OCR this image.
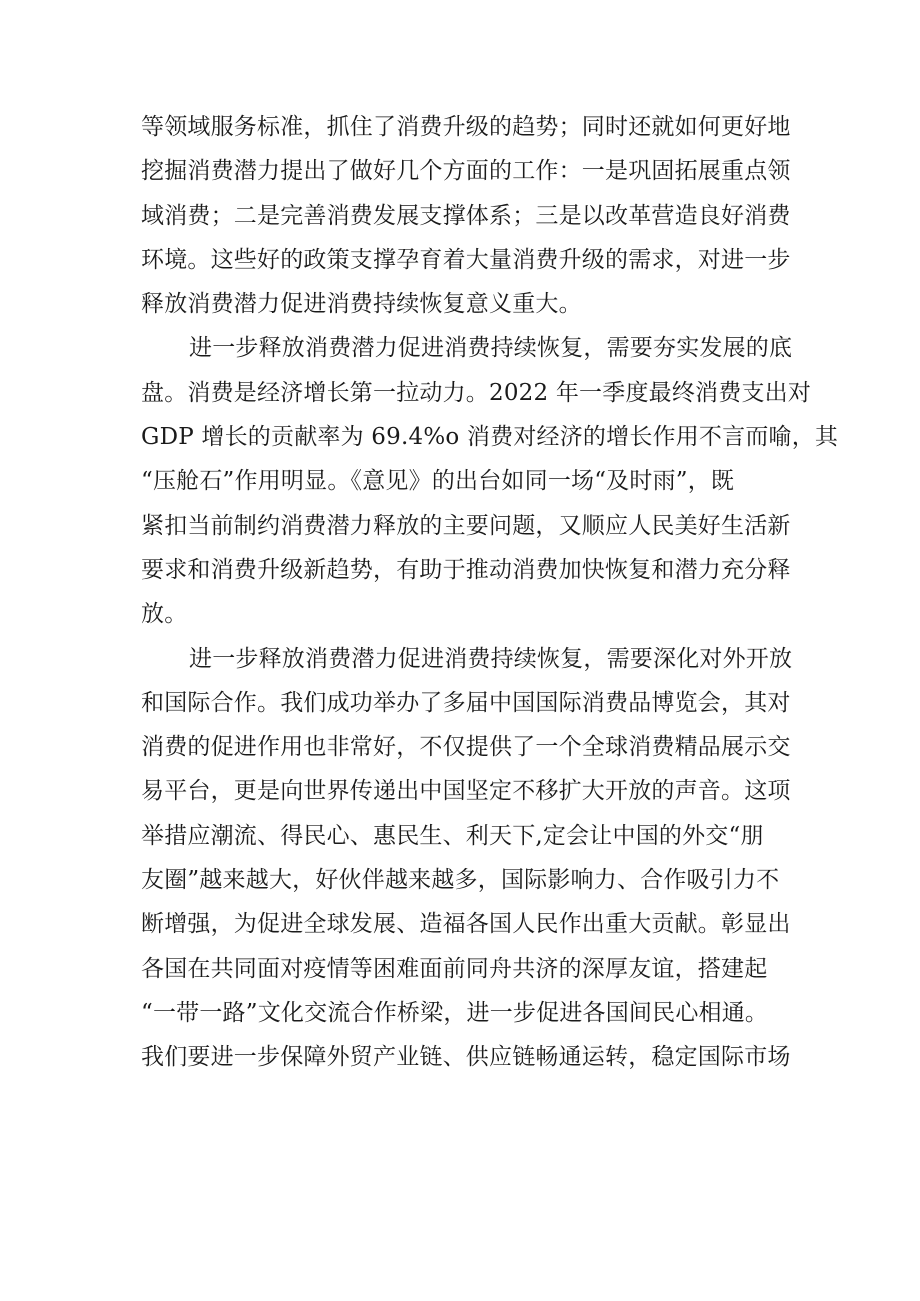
等领域服务标准，抓住了消费升级的趋势；同时还就如何更好地
挖掘消费潜力提出了做好几个方面的工作：一是巩固拓展重点领
域消费；二是完善消费发展支撑体系；三是以改革营造良好消费
环境。这些好的政策支撑孕育着大量消费升级的需求，对进一步
释放消费潜力促进消费持续恢复意义重大。
进一步释放消费潜力促进消费持续恢复，需要夯实发展的底
盘。消费是经济增长第一拉动力。2022 年一季度最终消费支出对
GDP 增长的贡献率为 69.4%o 消费对经济的增长作用不言而喻，其
“压舱石”作用明显。《意见》的出台如同一场“及时雨”，既
紧扣当前制约消费潜力释放的主要问题，又顺应人民美好生活新
要求和消费升级新趋势，有助于推动消费加快恢复和潜力充分释
放。
进一步释放消费潜力促进消费持续恢复，需要深化对外开放
和国际合作。我们成功举办了多届中国国际消费品博览会，其对
消费的促进作用也非常好，不仅提供了一个全球消费精品展示交
易平台，更是向世界传递出中国坚定不移扩大开放的声音。这项
举措应潮流、得民心、惠民生、利天下,定会让中国的外交“朋
友圈”越来越大，好伙伴越来越多，国际影响力、合作吸引力不
断增强，为促进全球发展、造福各国人民作出重大贡献。彰显出
各国在共同面对疫情等困难面前同舟共济的深厚友谊，搭建起
“一带一路”文化交流合作桥梁，进一步促进各国间民心相通。
我们要进一步保障外贸产业链、供应链畅通运转，稳定国际市场
